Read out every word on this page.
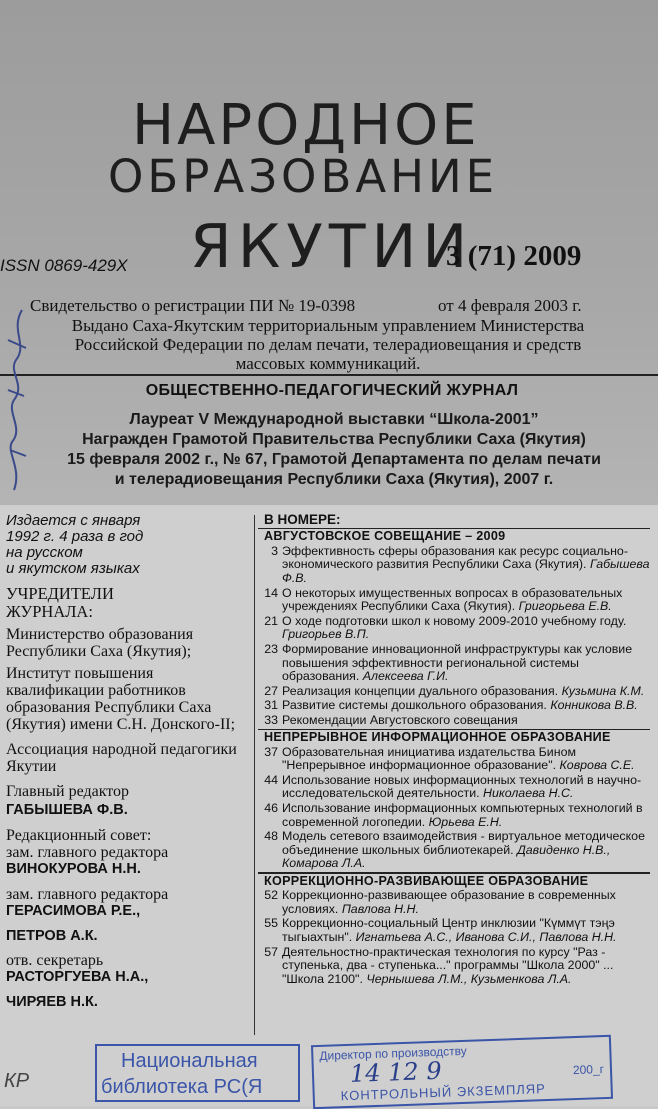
НАРОДНОЕ
ОБРАЗОВАНИЕ
ЯКУТИИ
ISSN 0869-429X	3 (71) 2009
Свидетельство о регистрации ПИ № 19-0398	от 4 февраля 2003 г.
Выдано Саха-Якутским территориальным управлением Министерства Российской Федерации по делам печати, телерадиовещания и средств массовых коммуникаций.
ОБЩЕСТВЕННО-ПЕДАГОГИЧЕСКИЙ ЖУРНАЛ
Лауреат V Международной выставки “Школа-2001”
Награжден Грамотой Правительства Республики Саха (Якутия)
15 февраля 2002 г., № 67, Грамотой Департамента по делам печати
и телерадиовещания Республики Саха (Якутия), 2007 г.
Издается с января
1992 г. 4 раза в год
на русском
и якутском языках
УЧРЕДИТЕЛИ
ЖУРНАЛА:
Министерство образования Республики Саха (Якутия);
Институт повышения квалификации работников образования Республики Саха (Якутия) имени С.Н. Донского-II;
Ассоциация народной педагогики Якутии
Главный редактор
ГАБЫШЕВА Ф.В.
Редакционный совет:
зам. главного редактора
ВИНОКУРОВА Н.Н.
зам. главного редактора
ГЕРАСИМОВА Р.Е.,
ПЕТРОВ А.К.
отв. секретарь
РАСТОРГУЕВА Н.А.,
ЧИРЯЕВ Н.К.
В НОМЕРЕ:
АВГУСТОВСКОЕ СОВЕЩАНИЕ – 2009
3 Эффективность сферы образования как ресурс социально-экономического развития Республики Саха (Якутия). Габышева Ф.В.
14 О некоторых имущественных вопросах в образовательных учреждениях Республики Саха (Якутия). Григорьева Е.В.
21 О ходе подготовки школ к новому 2009-2010 учебному году. Григорьев В.П.
23 Формирование инновационной инфраструктуры как условие повышения эффективности региональной системы образования. Алексеева Г.И.
27 Реализация концепции дуального образования. Кузьмина К.М.
31 Развитие системы дошкольного образования. Конникова В.В.
33 Рекомендации Августовского совещания
НЕПРЕРЫВНОЕ ИНФОРМАЦИОННОЕ ОБРАЗОВАНИЕ
37 Образовательная инициатива издательства Бином "Непрерывное информационное образование". Коврова С.Е.
44 Использование новых информационных технологий в научно-исследовательской деятельности. Николаева Н.С.
46 Использование информационных компьютерных технологий в современной логопедии. Юрьева Е.Н.
48 Модель сетевого взаимодействия - виртуальное методическое объединение школьных библиотекарей. Давиденко Н.В., Комарова Л.А.
КОРРЕКЦИОННО-РАЗВИВАЮЩЕЕ ОБРАЗОВАНИЕ
52 Коррекционно-развивающее образование в современных условиях. Павлова Н.Н.
55 Коррекционно-социальный Центр инклюзии "Күммүт тэңэ тыгыахтын". Игнатьева А.С., Иванова С.И., Павлова Н.Н.
57 Деятельностно-практическая технология по курсу "Раз - ступенька, два - ступенька..." программы "Школа 2000" ... "Школа 2100". Чернышева Л.М., Кузьменкова Л.А.
Национальная
библиотека РС(Я
Директор по производству
14 12 9	200_г
КОНТРОЛЬНЫЙ ЭКЗЕМПЛЯР
КР
